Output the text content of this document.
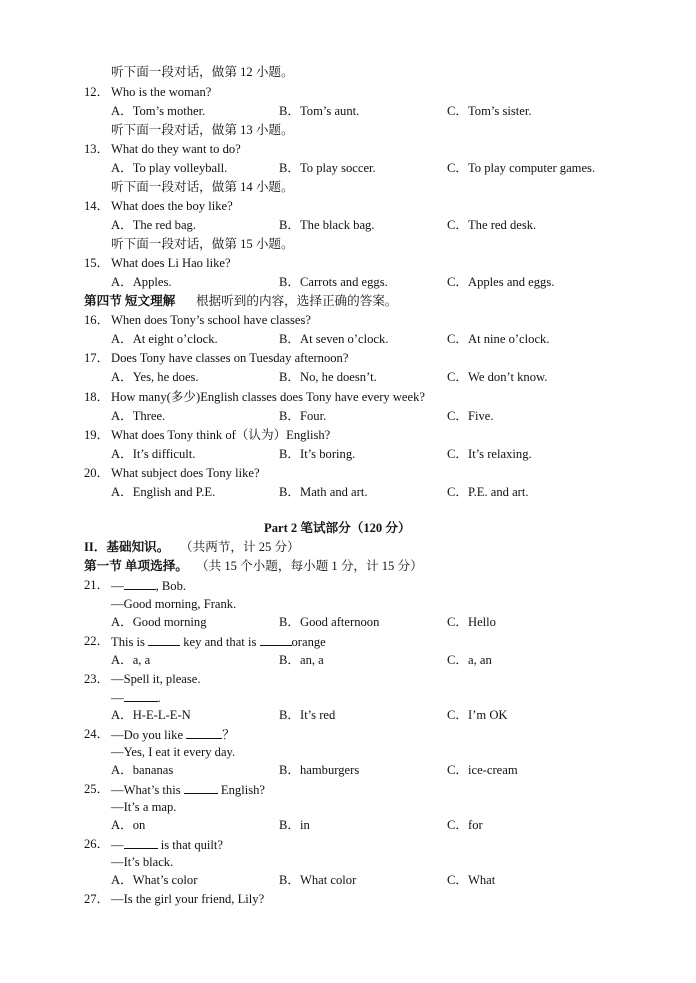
听下面一段对话，做第 12 小题。
12． Who is the woman?
A．Tom’s mother.	B．Tom’s aunt.	C．Tom’s sister.
听下面一段对话，做第 13 小题。
13． What do they want to do?
A．To play volleyball.	B．To play soccer.	C．To play computer games.
听下面一段对话，做第 14 小题。
14． What does the boy like?
A．The red bag.	B．The black bag.	C．The red desk.
听下面一段对话，做第 15 小题。
15． What does Li Hao like?
A．Apples.	B．Carrots and eggs.	C．Apples and eggs.
第四节 短文理解 根据听到的内容，选择正确的答案。
16． When does Tony’s school have classes?
A．At eight o’clock.	B．At seven o’clock.	C．At nine o’clock.
17． Does Tony have classes on Tuesday afternoon?
A．Yes, he does.	B．No, he doesn’t.	C．We don’t know.
18． How many(多少)English classes does Tony have every week?
A．Three.	B．Four.	C．Five.
19． What does Tony think of（认为）English?
A．It’s difficult.	B．It’s boring.	C．It’s relaxing.
20． What subject does Tony like?
A．English and P.E.	B．Math and art.	C．P.E. and art.
Part 2 笔试部分（120 分）
II．基础知识。 （共两节，计 25 分）
第一节 单项选择。 （共 15 个小题，每小题 1 分，计 15 分）
21． —	, Bob.
—Good morning, Frank.
A．Good morning	B．Good afternoon	C．Hello
22． This is	key and that is	orange
A．a, a	B．an, a	C．a, an
23． —Spell it, please.
—	.
A．H-E-L-E-N	B．It’s red	C．I’m OK
24． —Do you like	？
—Yes, I eat it every day.
A．bananas	B．hamburgers	C．ice-cream
25． —What’s this	English?
—It’s a map.
A．on	B．in	C．for
26． —	is that quilt?
—It’s black.
A．What’s color	B．What color	C．What
27． —Is the girl your friend, Lily?
